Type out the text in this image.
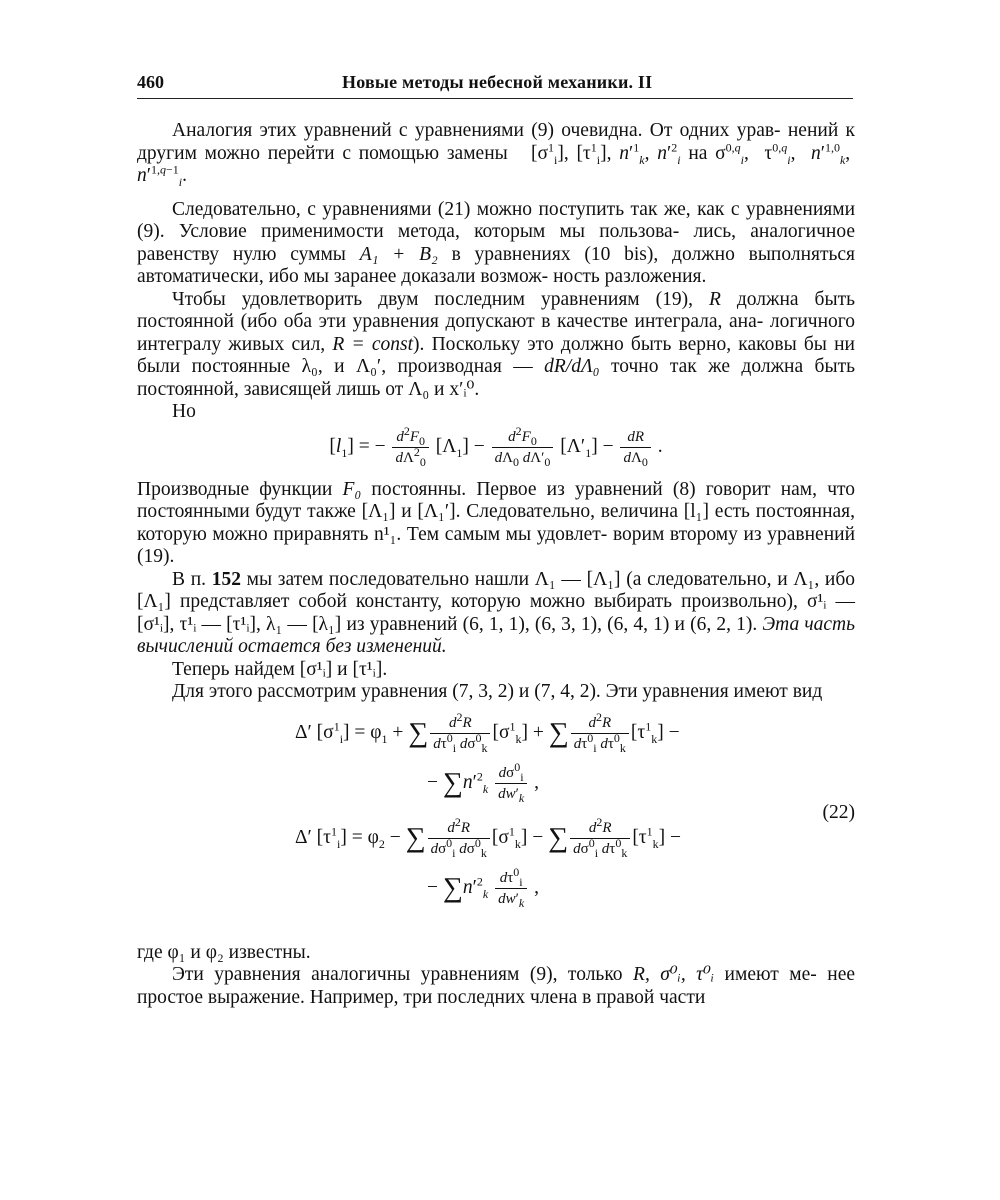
460	Новые методы небесной механики. II

Аналогия этих уравнений с уравнениями (9) очевидна. От одних урав- нений к другим можно перейти с помощью замены   $[\sigma^1_i]$, $[\tau^1_i]$, $n'^1_k$, $n'^2_i$ на $\sigma^{0,q}_i$,  $\tau^{0,q}_i$,  $n'^{1,0}_k$,  $n'^{1,q-1}_i$.

Следовательно, с уравнениями (21) можно поступить так же, как с уравнениями (9). Условие применимости метода, которым мы пользова- лись, аналогичное равенству нулю суммы A₁ + B₂ в уравнениях (10 bis), должно выполняться автоматически, ибо мы заранее доказали возмож- ность разложения.

Чтобы удовлетворить двум последним уравнениям (19), R должна быть постоянной (ибо оба эти уравнения допускают в качестве интеграла, ана- логичного интегралу живых сил, R = const). Поскольку это должно быть верно, каковы бы ни были постоянные λ₀, и Λ₀′, производная — dR/dΛ₀ точно так же должна быть постоянной, зависящей лишь от Λ₀ и x′ᵢ⁰.

Но

$[l_1]$ = − $\frac{d^2F_0}{d\Lambda^2_0} [\Lambda_1] - \frac{d^2F_0}{d\Lambda_0 d\Lambda'_0} [\Lambda'_1] - \frac{dR}{d\Lambda_0}$ .

Производные функции F₀ постоянны. Первое из уравнений (8) говорит нам, что постоянными будут также [Λ₁] и [Λ₁′]. Следовательно, величина [l₁] есть постоянная, которую можно приравнять n¹₁. Тем самым мы удовлет- ворим второму из уравнений (19).

В п. 152 мы затем последовательно нашли Λ₁ — [Λ₁] (а следовательно, и Λ₁, ибо [Λ₁] представляет собой константу, которую можно выбирать произвольно), σ¹ᵢ — [σ¹ᵢ], τ¹ᵢ — [τ¹ᵢ], λ₁ — [λ₁] из уравнений (6, 1, 1), (6, 3, 1), (6, 4, 1) и (6, 2, 1). Эта часть вычислений остается без изменений.

Теперь найдем [σ¹ᵢ] и [τ¹ᵢ].

Для этого рассмотрим уравнения (7, 3, 2) и (7, 4, 2). Эти уравнения имеют вид

Δ′ $[\sigma^1_i] = \varphi_1$ + ∑ $\frac{d^2R}{d\tau^0_i d\sigma^0_k} [\sigma^1_k]$ + ∑ $\frac{d^2R}{d\tau^0_i d\tau^0_k} [\tau^1_k]$ −
− $\sum n'^2_k \frac{d\sigma^0_i}{dw'_k}$ ,
Δ′ $[\tau^1_i] = \varphi_2$ − ∑ $\frac{d^2R}{d\sigma^0_i d\sigma^0_k} [\sigma^1_k]$ − ∑ $\frac{d^2R}{d\sigma^0_i d\tau^0_k} [\tau^1_k]$ −
− $\sum n'^2_k \frac{d\tau^0_i}{dw'_k}$ ,
(22)

где φ₁ и φ₂ известны.

Эти уравнения аналогичны уравнениям (9), только R, σ⁰ᵢ, τ⁰ᵢ имеют ме- нее простое выражение. Например, три последних члена в правой части
